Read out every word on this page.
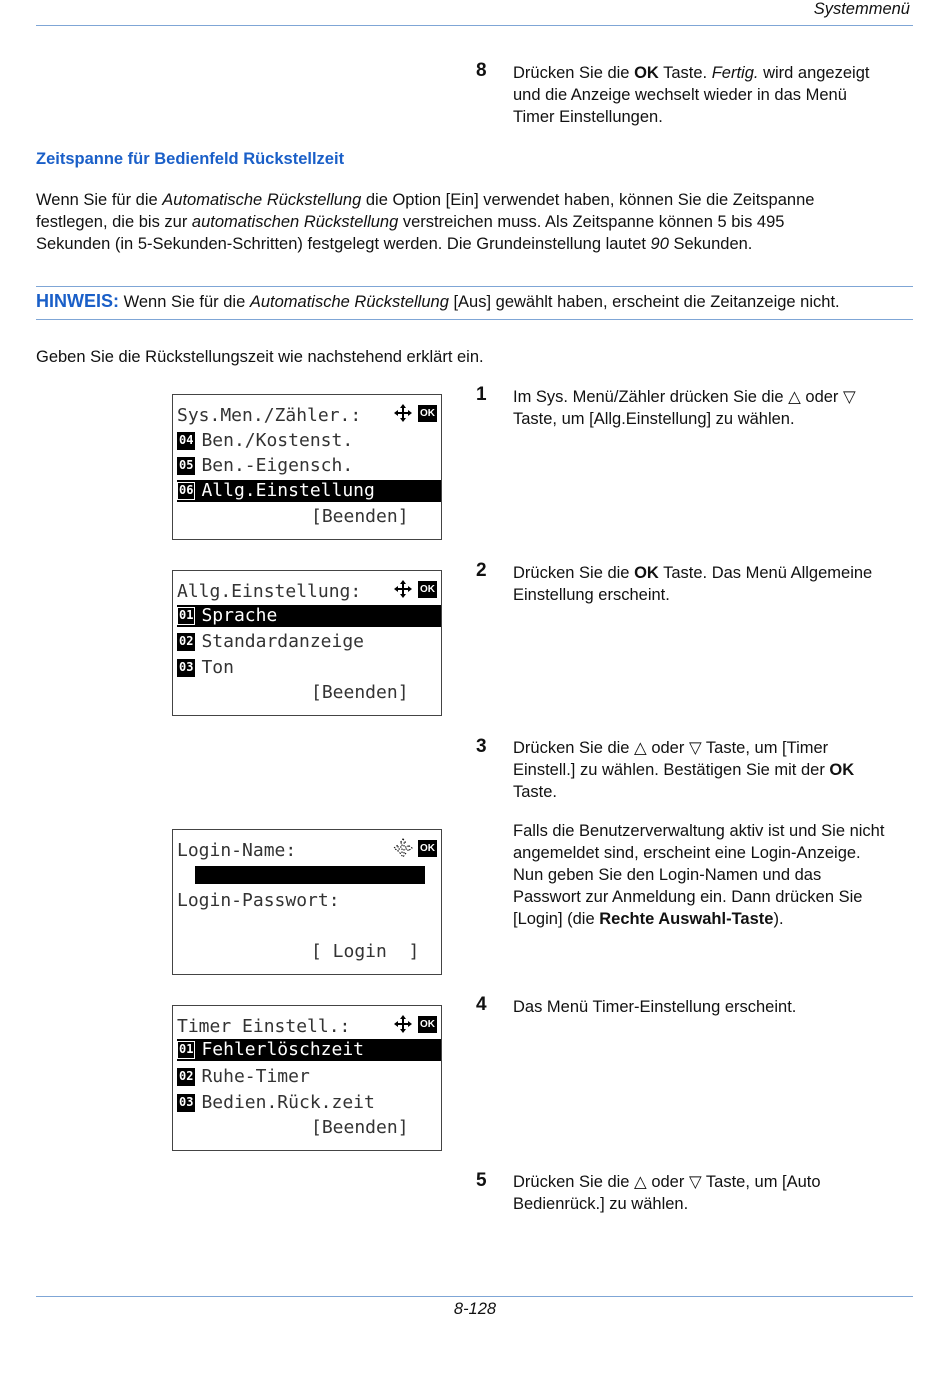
Systemmenü
8 Drücken Sie die OK Taste. Fertig. wird angezeigt
und die Anzeige wechselt wieder in das Menü
Timer Einstellungen.
Zeitspanne für Bedienfeld Rückstellzeit
Wenn Sie für die Automatische Rückstellung die Option [Ein] verwendet haben, können Sie die Zeitspanne
festlegen, die bis zur automatischen Rückstellung verstreichen muss. Als Zeitspanne können 5 bis 495
Sekunden (in 5-Sekunden-Schritten) festgelegt werden. Die Grundeinstellung lautet 90 Sekunden.
HINWEIS: Wenn Sie für die Automatische Rückstellung [Aus] gewählt haben, erscheint die Zeitanzeige nicht.
Geben Sie die Rückstellungszeit wie nachstehend erklärt ein.
Sys.Men./Zähler.:	OK
04 Ben./Kostenst.
05 Ben.-Eigensch.
06 Allg.Einstellung
[Beenden]
1 Im Sys. Menü/Zähler drücken Sie die △ oder ▽
Taste, um [Allg.Einstellung] zu wählen.
Allg.Einstellung:	OK
01 Sprache
02 Standardanzeige
03 Ton
[Beenden]
2 Drücken Sie die OK Taste. Das Menü Allgemeine
Einstellung erscheint.
3 Drücken Sie die △ oder ▽ Taste, um [Timer
Einstell.] zu wählen. Bestätigen Sie mit der OK
Taste.
Falls die Benutzerverwaltung aktiv ist und Sie nicht
angemeldet sind, erscheint eine Login-Anzeige.
Nun geben Sie den Login-Namen und das
Passwort zur Anmeldung ein. Dann drücken Sie
[Login] (die Rechte Auswahl-Taste).
Login-Name:	OK
Login-Passwort:
[ Login  ]
Timer Einstell.:	OK
01 Fehlerlöschzeit
02 Ruhe-Timer
03 Bedien.Rück.zeit
[Beenden]
4 Das Menü Timer-Einstellung erscheint.
5 Drücken Sie die △ oder ▽ Taste, um [Auto
Bedienrück.] zu wählen.
8-128
